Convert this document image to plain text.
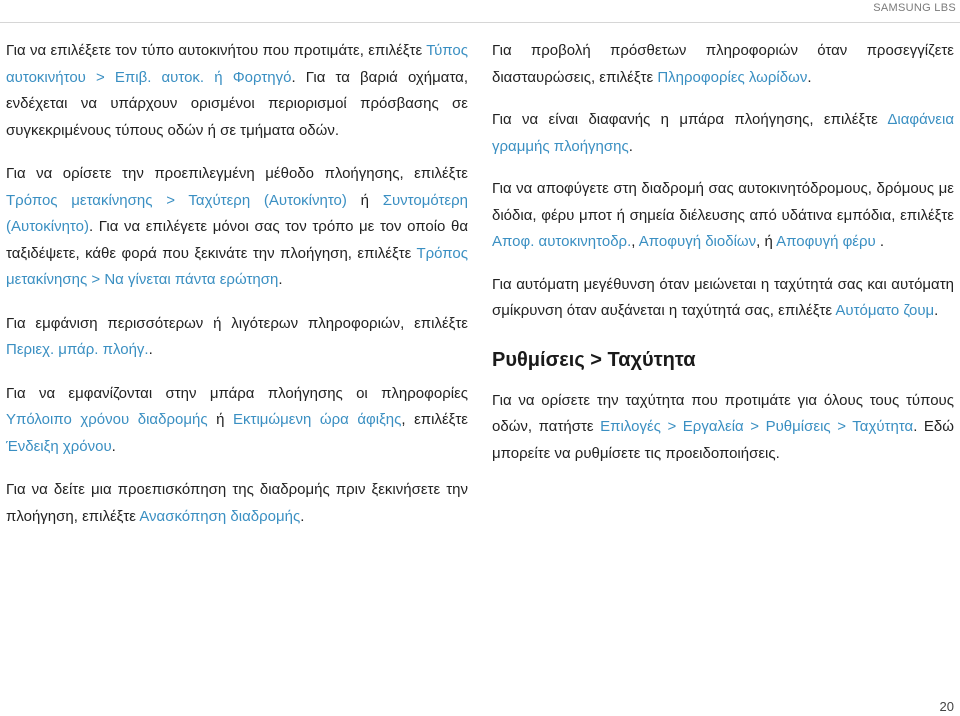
SAMSUNG LBS

Για να επιλέξετε τον τύπο αυτοκινήτου που προτιμάτε, επιλέξτε Τύπος αυτοκινήτου > Επιβ. αυτοκ. ή Φορτηγό. Για τα βαριά οχήματα, ενδέχεται να υπάρχουν ορισμένοι περιορισμοί πρόσβασης σε συγκεκριμένους τύπους οδών ή σε τμήματα οδών.

Για να ορίσετε την προεπιλεγμένη μέθοδο πλοήγησης, επιλέξτε Τρόπος μετακίνησης > Ταχύτερη (Αυτοκίνητο) ή Συντομότερη (Αυτοκίνητο). Για να επιλέγετε μόνοι σας τον τρόπο με τον οποίο θα ταξιδέψετε, κάθε φορά που ξεκινάτε την πλοήγηση, επιλέξτε Τρόπος μετακίνησης > Να γίνεται πάντα ερώτηση.

Για εμφάνιση περισσότερων ή λιγότερων πληροφοριών, επιλέξτε Περιεχ. μπάρ. πλοήγ..

Για να εμφανίζονται στην μπάρα πλοήγησης οι πληροφορίες Υπόλοιπο χρόνου διαδρομής ή Εκτιμώμενη ώρα άφιξης, επιλέξτε Ένδειξη χρόνου.

Για να δείτε μια προεπισκόπηση της διαδρομής πριν ξεκινήσετε την πλοήγηση, επιλέξτε Ανασκόπηση διαδρομής.

Για προβολή πρόσθετων πληροφοριών όταν προσεγγίζετε διασταυρώσεις, επιλέξτε Πληροφορίες λωρίδων.

Για να είναι διαφανής η μπάρα πλοήγησης, επιλέξτε Διαφάνεια γραμμής πλοήγησης.

Για να αποφύγετε στη διαδρομή σας αυτοκινητόδρομους, δρόμους με διόδια, φέρυ μποτ ή σημεία διέλευσης από υδάτινα εμπόδια, επιλέξτε Αποφ. αυτοκινητοδρ., Αποφυγή διοδίων, ή Αποφυγή φέρυ .

Για αυτόματη μεγέθυνση όταν μειώνεται η ταχύτητά σας και αυτόματη σμίκρυνση όταν αυξάνεται η ταχύτητά σας, επιλέξτε Αυτόματο ζουμ.

Ρυθμίσεις > Ταχύτητα

Για να ορίσετε την ταχύτητα που προτιμάτε για όλους τους τύπους οδών, πατήστε Επιλογές > Εργαλεία > Ρυθμίσεις > Ταχύτητα. Εδώ μπορείτε να ρυθμίσετε τις προειδοποιήσεις.

20
